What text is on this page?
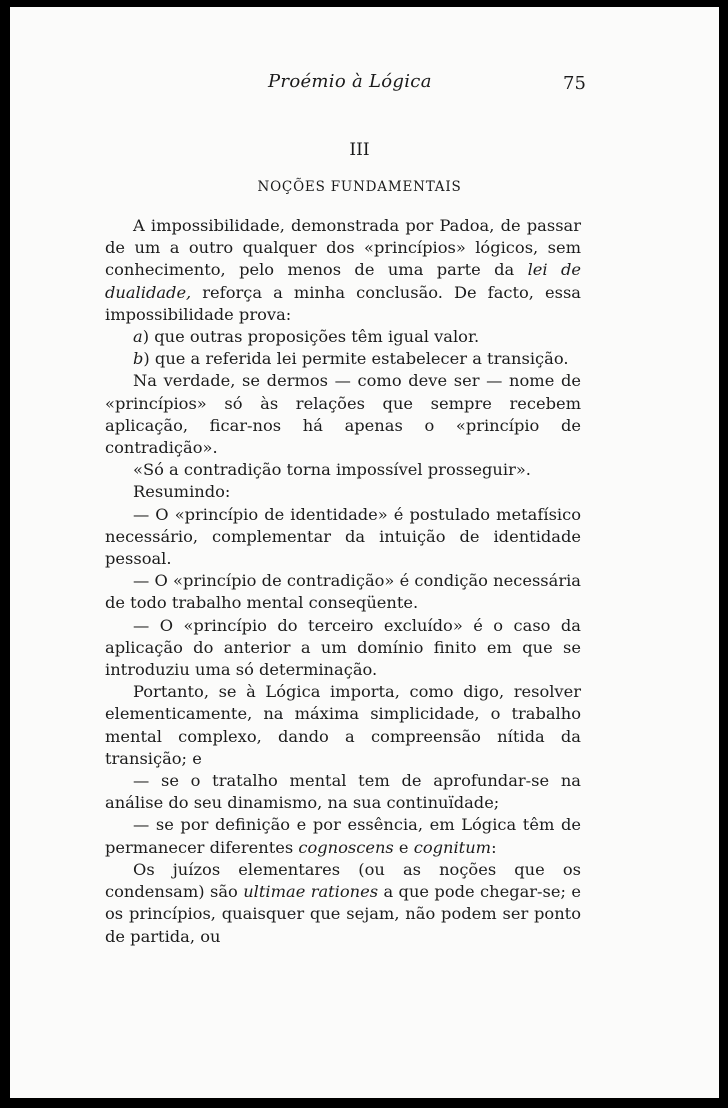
Proémio à Lógica	75
III
NOÇÕES FUNDAMENTAIS

A impossibilidade, demonstrada por Padoa, de passar de um a outro qualquer dos «princípios» lógicos, sem conhecimento, pelo menos de uma parte da lei de dualidade, reforça a minha conclusão. De facto, essa impossibilidade prova:

a) que outras proposições têm igual valor.

b) que a referida lei permite estabelecer a transição.

Na verdade, se dermos — como deve ser — nome de «princípios» só às relações que sempre recebem aplicação, ficar-nos há apenas o «princípio de contradição».

«Só a contradição torna impossível prosseguir».

Resumindo:

— O «princípio de identidade» é postulado metafísico necessário, complementar da intuição de identidade pessoal.

— O «princípio de contradição» é condição necessária de todo trabalho mental conseqüente.

— O «princípio do terceiro excluído» é o caso da aplicação do anterior a um domínio finito em que se introduziu uma só determinação.

Portanto, se à Lógica importa, como digo, resolver elementicamente, na máxima simplicidade, o trabalho mental complexo, dando a compreensão nítida da transição; e

— se o tratalho mental tem de aprofundar-se na análise do seu dinamismo, na sua continuïdade;

— se por definição e por essência, em Lógica têm de permanecer diferentes cognoscens e cognitum:

Os juízos elementares (ou as noções que os condensam) são ultimae rationes a que pode chegar-se; e os princípios, quaisquer que sejam, não podem ser ponto de partida, ou
